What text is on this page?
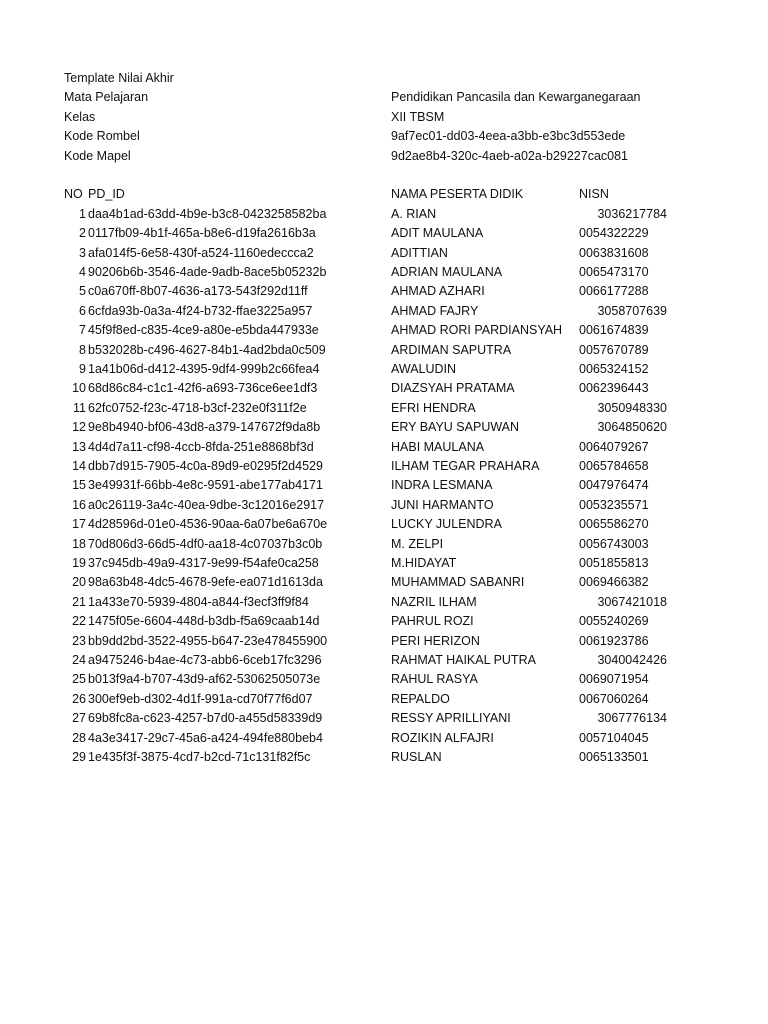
Template Nilai Akhir
Mata Pelajaran	Pendidikan Pancasila dan Kewarganegaraan
Kelas	XII TBSM
Kode Rombel	9af7ec01-dd03-4eea-a3bb-e3bc3d553ede
Kode Mapel	9d2ae8b4-320c-4aeb-a02a-b29227cac081
NO PD_ID	NAMA PESERTA DIDIK	NISN
1 daa4b1ad-63dd-4b9e-b3c8-0423258582ba	A. RIAN	3036217784
2 0117fb09-4b1f-465a-b8e6-d19fa2616b3a	ADIT MAULANA	0054322229
3 afa014f5-6e58-430f-a524-1160edeccca2	ADITTIAN	0063831608
4 90206b6b-3546-4ade-9adb-8ace5b05232b	ADRIAN MAULANA	0065473170
5 c0a670ff-8b07-4636-a173-543f292d11ff	AHMAD AZHARI	0066177288
6 6cfda93b-0a3a-4f24-b732-ffae3225a957	AHMAD FAJRY	3058707639
7 45f9f8ed-c835-4ce9-a80e-e5bda447933e	AHMAD RORI PARDIANSYAH 0061674839
8 b532028b-c496-4627-84b1-4ad2bda0c509	ARDIMAN SAPUTRA	0057670789
9 1a41b06d-d412-4395-9df4-999b2c66fea4	AWALUDIN	0065324152
10 68d86c84-c1c1-42f6-a693-736ce6ee1df3	DIAZSYAH PRATAMA	0062396443
11 62fc0752-f23c-4718-b3cf-232e0f311f2e	EFRI HENDRA	3050948330
12 9e8b4940-bf06-43d8-a379-147672f9da8b	ERY BAYU SAPUWAN	3064850620
13 4d4d7a11-cf98-4ccb-8fda-251e8868bf3d	HABI MAULANA	0064079267
14 dbb7d915-7905-4c0a-89d9-e0295f2d4529	ILHAM TEGAR PRAHARA	0065784658
15 3e49931f-66bb-4e8c-9591-abe177ab4171	INDRA LESMANA	0047976474
16 a0c26119-3a4c-40ea-9dbe-3c12016e2917	JUNI HARMANTO	0053235571
17 4d28596d-01e0-4536-90aa-6a07be6a670e	LUCKY JULENDRA	0065586270
18 70d806d3-66d5-4df0-aa18-4c07037b3c0b	M. ZELPI	0056743003
19 37c945db-49a9-4317-9e99-f54afe0ca258	M.HIDAYAT	0051855813
20 98a63b48-4dc5-4678-9efe-ea071d1613da	MUHAMMAD SABANRI	0069466382
21 1a433e70-5939-4804-a844-f3ecf3ff9f84	NAZRIL ILHAM	3067421018
22 1475f05e-6604-448d-b3db-f5a69caab14d	PAHRUL ROZI	0055240269
23 bb9dd2bd-3522-4955-b647-23e478455900	PERI HERIZON	0061923786
24 a9475246-b4ae-4c73-abb6-6ceb17fc3296	RAHMAT HAIKAL PUTRA	3040042426
25 b013f9a4-b707-43d9-af62-53062505073e	RAHUL RASYA	0069071954
26 300ef9eb-d302-4d1f-991a-cd70f77f6d07	REPALDO	0067060264
27 69b8fc8a-c623-4257-b7d0-a455d58339d9	RESSY APRILLIYANI	3067776134
28 4a3e3417-29c7-45a6-a424-494fe880beb4	ROZIKIN ALFAJRI	0057104045
29 1e435f3f-3875-4cd7-b2cd-71c131f82f5c	RUSLAN	0065133501
